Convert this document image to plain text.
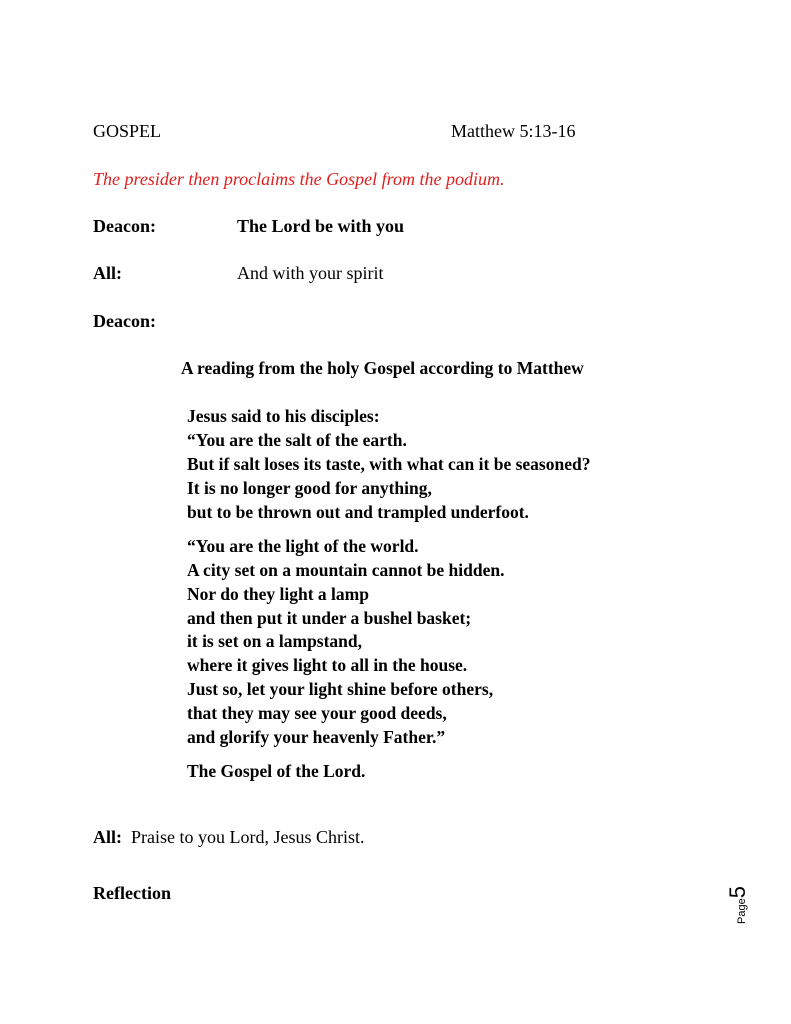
GOSPEL	Matthew 5:13-16
The presider then proclaims the Gospel from the podium.
Deacon:	The Lord be with you
All:	And with your spirit
Deacon:
A reading from the holy Gospel according to Matthew
Jesus said to his disciples:
“You are the salt of the earth.
But if salt loses its taste, with what can it be seasoned?
It is no longer good for anything,
but to be thrown out and trampled underfoot.
“You are the light of the world.
A city set on a mountain cannot be hidden.
Nor do they light a lamp
and then put it under a bushel basket;
it is set on a lampstand,
where it gives light to all in the house.
Just so, let your light shine before others,
that they may see your good deeds,
and glorify your heavenly Father.”
The Gospel of the Lord.
All: Praise to you Lord, Jesus Christ.
Reflection
Page
5
